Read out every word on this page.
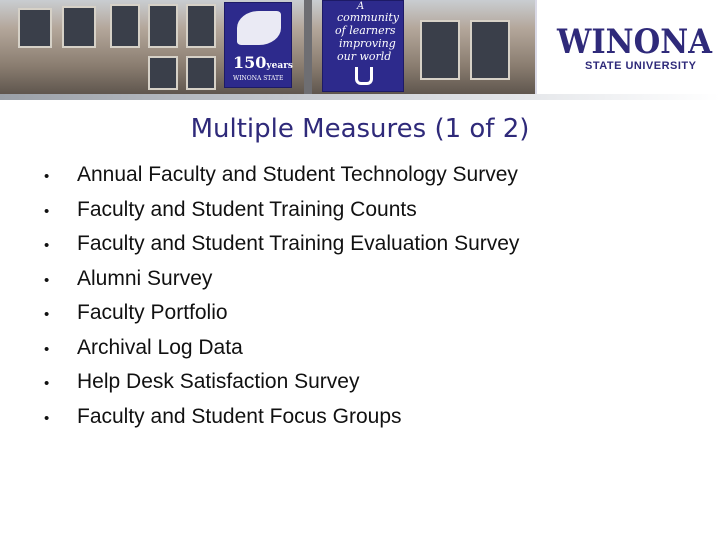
150years
WINONA STATE
A
community
of learners
improving
our world	WINONA
STATE UNIVERSITY
Multiple Measures (1 of 2)
•	Annual Faculty and Student Technology Survey
•	Faculty and Student Training Counts
•	Faculty and Student Training Evaluation Survey
•	Alumni Survey
•	Faculty Portfolio
•	Archival Log Data
•	Help Desk Satisfaction Survey
•	Faculty and Student Focus Groups
